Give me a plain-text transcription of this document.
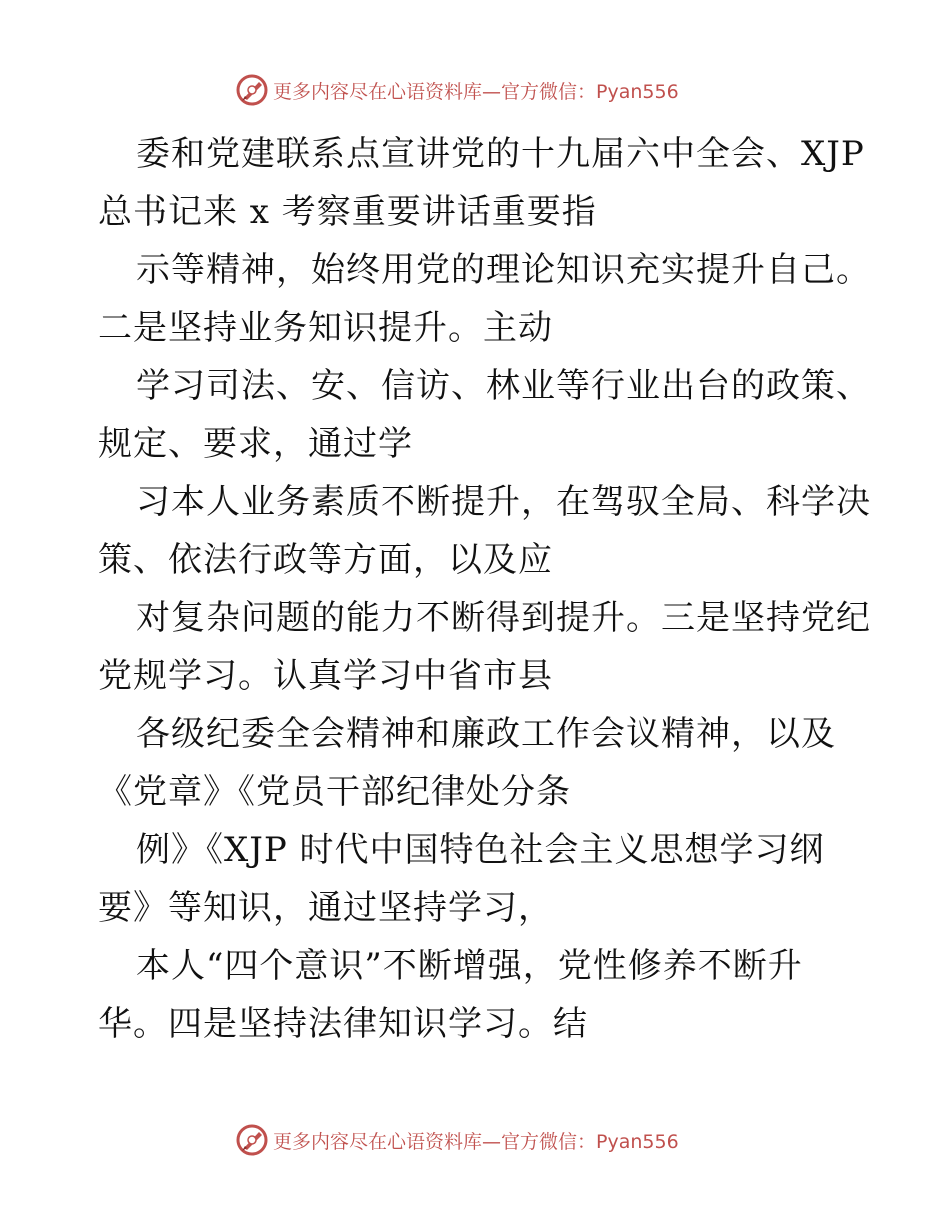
更多内容尽在心语资料库—官方微信：Pyan556
委和党建联系点宣讲党的十九届六中全会、XJP
总书记来 x 考察重要讲话重要指
示等精神，始终用党的理论知识充实提升自己。
二是坚持业务知识提升。主动
学习司法、安、信访、林业等行业出台的政策、
规定、要求，通过学
习本人业务素质不断提升，在驾驭全局、科学决
策、依法行政等方面，以及应
对复杂问题的能力不断得到提升。三是坚持党纪
党规学习。认真学习中省市县
各级纪委全会精神和廉政工作会议精神，以及
《党章》《党员干部纪律处分条
例》《XJP 时代中国特色社会主义思想学习纲
要》等知识，通过坚持学习，
本人“四个意识”不断增强，党性修养不断升
华。四是坚持法律知识学习。结
更多内容尽在心语资料库—官方微信：Pyan556
